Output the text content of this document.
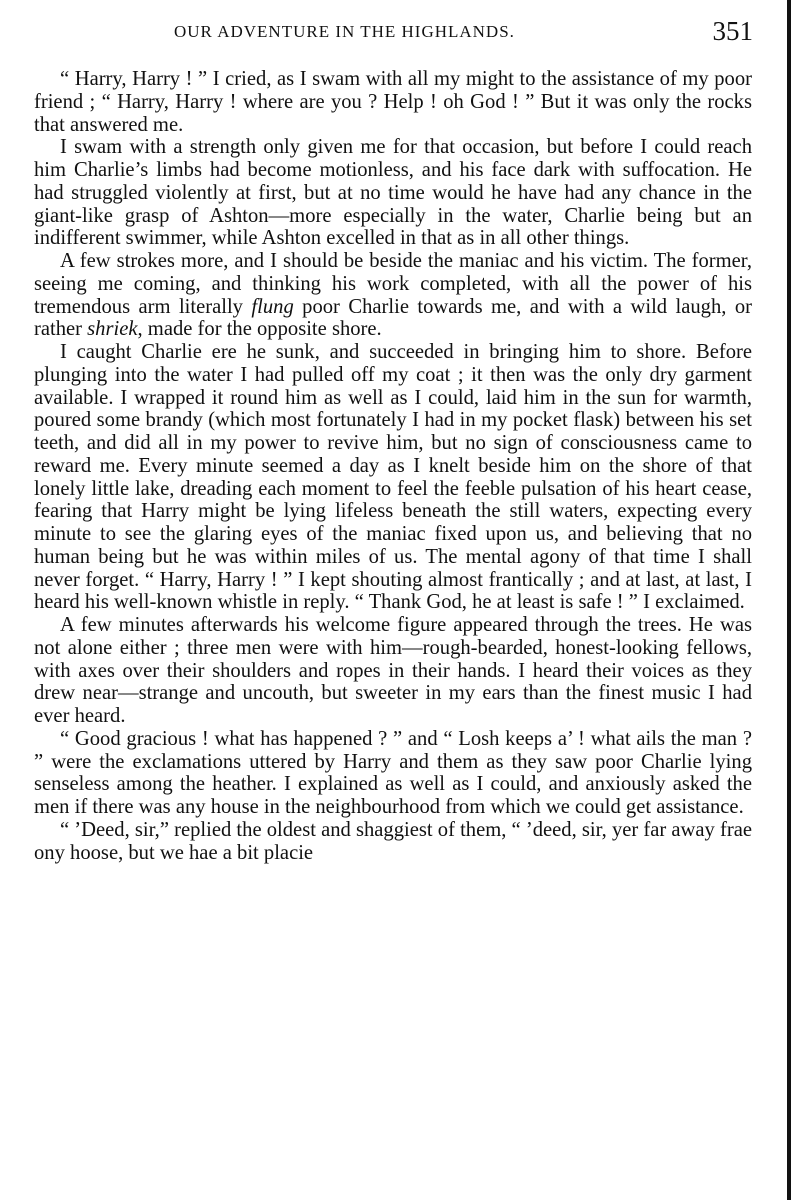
OUR ADVENTURE IN THE HIGHLANDS.	351

“ Harry, Harry ! ” I cried, as I swam with all my might to the assistance of my poor friend ; “ Harry, Harry ! where are you ? Help ! oh God ! ” But it was only the rocks that answered me.

I swam with a strength only given me for that occasion, but before I could reach him Charlie’s limbs had become motionless, and his face dark with suffocation. He had struggled violently at first, but at no time would he have had any chance in the giant-like grasp of Ashton—more especially in the water, Charlie being but an indifferent swimmer, while Ashton excelled in that as in all other things.

A few strokes more, and I should be beside the maniac and his victim. The former, seeing me coming, and thinking his work completed, with all the power of his tremendous arm literally flung poor Charlie towards me, and with a wild laugh, or rather shriek, made for the opposite shore.

I caught Charlie ere he sunk, and succeeded in bringing him to shore. Before plunging into the water I had pulled off my coat ; it then was the only dry garment available. I wrapped it round him as well as I could, laid him in the sun for warmth, poured some brandy (which most fortunately I had in my pocket flask) between his set teeth, and did all in my power to revive him, but no sign of consciousness came to reward me. Every minute seemed a day as I knelt beside him on the shore of that lonely little lake, dreading each moment to feel the feeble pulsation of his heart cease, fearing that Harry might be lying lifeless beneath the still waters, expecting every minute to see the glaring eyes of the maniac fixed upon us, and believing that no human being but he was within miles of us. The mental agony of that time I shall never forget. “ Harry, Harry ! ” I kept shouting almost frantically ; and at last, at last, I heard his well-known whistle in reply. “ Thank God, he at least is safe ! ” I exclaimed.

A few minutes afterwards his welcome figure appeared through the trees. He was not alone either ; three men were with him—rough-bearded, honest-looking fellows, with axes over their shoulders and ropes in their hands. I heard their voices as they drew near—strange and uncouth, but sweeter in my ears than the finest music I had ever heard.

“ Good gracious ! what has happened ? ” and “ Losh keeps a’ ! what ails the man ? ” were the exclamations uttered by Harry and them as they saw poor Charlie lying senseless among the heather. I explained as well as I could, and anxiously asked the men if there was any house in the neighbourhood from which we could get assistance.

“ ’Deed, sir,” replied the oldest and shaggiest of them, “ ’deed, sir, yer far away frae ony hoose, but we hae a bit placie
